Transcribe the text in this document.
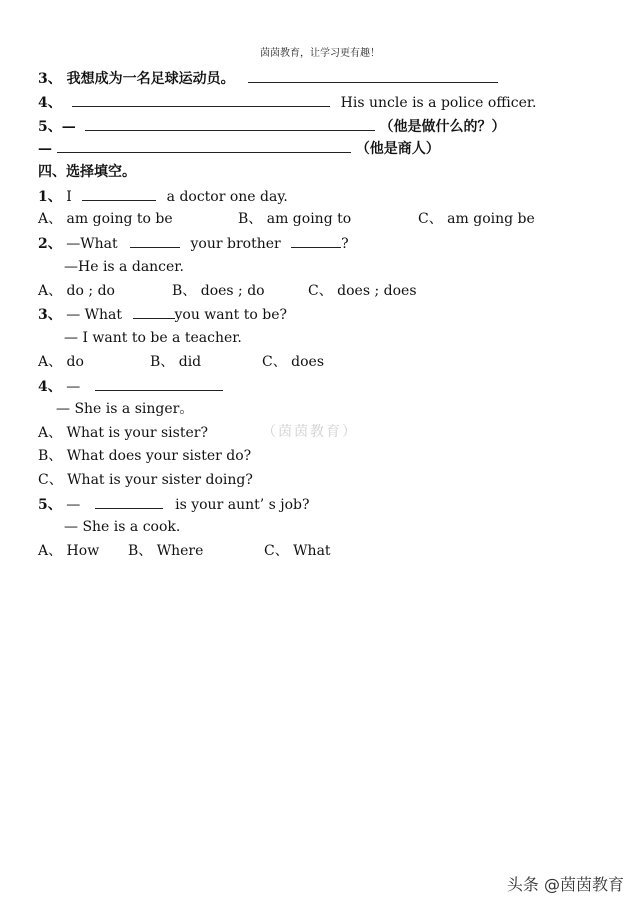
茵茵教育，让学习更有趣！
3、 我想成为一名足球运动员。
4、	His uncle is a police officer.
5、—	（他是做什么的？）
—	（他是商人）
四、选择填空。
1、 I	a doctor one day.
A、 am going to be	B、 am going to	C、 am going be
2、 —What	your brother	?
—He is a dancer.
A、 do ; do	B、 does ; do	C、 does ; does
3、 — What	you want to be?
— I want to be a teacher.
A、 do	B、 did	C、 does
4、 —
— She is a singer。
A、 What is your sister?
B、 What does your sister do?
C、 What is your sister doing?
5、 —	is your aunt’ s job?
— She is a cook.
A、 How B、 Where	C、 What
（茵茵教育）
头条 @茵茵教育
